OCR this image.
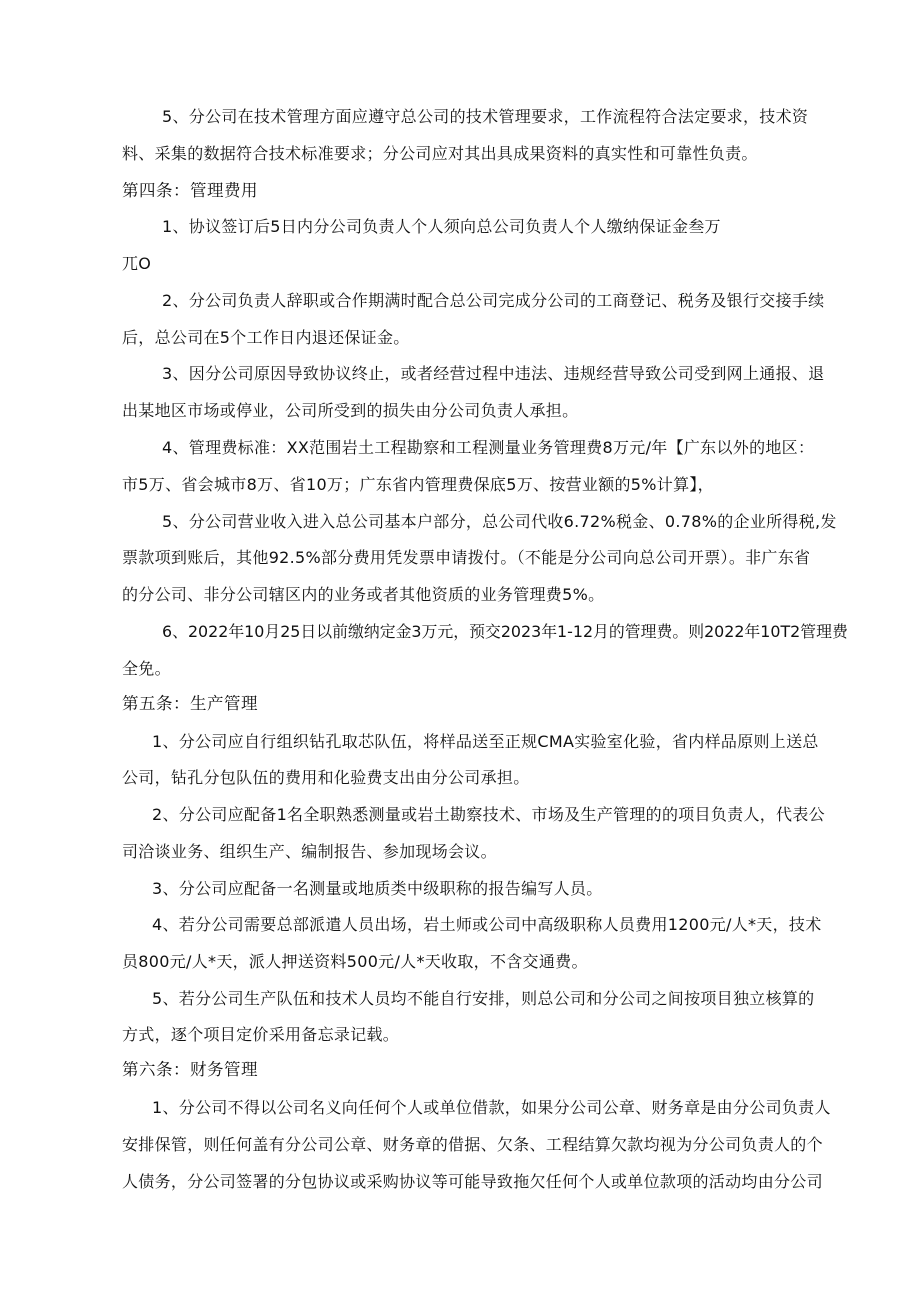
5、分公司在技术管理方面应遵守总公司的技术管理要求，工作流程符合法定要求，技术资
料、采集的数据符合技术标准要求；分公司应对其出具成果资料的真实性和可靠性负责。
第四条：管理费用
1、协议签订后5日内分公司负责人个人须向总公司负责人个人缴纳保证金叁万
兀O
2、分公司负责人辞职或合作期满时配合总公司完成分公司的工商登记、税务及银行交接手续
后，总公司在5个工作日内退还保证金。
3、因分公司原因导致协议终止，或者经营过程中违法、违规经营导致公司受到网上通报、退
出某地区市场或停业，公司所受到的损失由分公司负责人承担。
4、管理费标准：XX范围岩土工程勘察和工程测量业务管理费8万元/年【广东以外的地区：
市5万、省会城市8万、省10万；广东省内管理费保底5万、按营业额的5%计算】，
5、分公司营业收入进入总公司基本户部分，总公司代收6.72%税金、0.78%的企业所得税,发
票款项到账后，其他92.5%部分费用凭发票申请拨付。（不能是分公司向总公司开票）。非广东省
的分公司、非分公司辖区内的业务或者其他资质的业务管理费5%。
6、2022年10月25日以前缴纳定金3万元，预交2023年1-12月的管理费。则2022年10T2管理费
全免。
第五条：生产管理
1、分公司应自行组织钻孔取芯队伍，将样品送至正规CMA实验室化验，省内样品原则上送总
公司，钻孔分包队伍的费用和化验费支出由分公司承担。
2、分公司应配备1名全职熟悉测量或岩土勘察技术、市场及生产管理的的项目负责人，代表公
司洽谈业务、组织生产、编制报告、参加现场会议。
3、分公司应配备一名测量或地质类中级职称的报告编写人员。
4、若分公司需要总部派遣人员出场，岩土师或公司中高级职称人员费用1200元/人*天，技术
员800元/人*天，派人押送资料500元/人*天收取，不含交通费。
5、若分公司生产队伍和技术人员均不能自行安排，则总公司和分公司之间按项目独立核算的
方式，逐个项目定价采用备忘录记载。
第六条：财务管理
1、分公司不得以公司名义向任何个人或单位借款，如果分公司公章、财务章是由分公司负责人
安排保管，则任何盖有分公司公章、财务章的借据、欠条、工程结算欠款均视为分公司负责人的个
人债务，分公司签署的分包协议或采购协议等可能导致拖欠任何个人或单位款项的活动均由分公司
